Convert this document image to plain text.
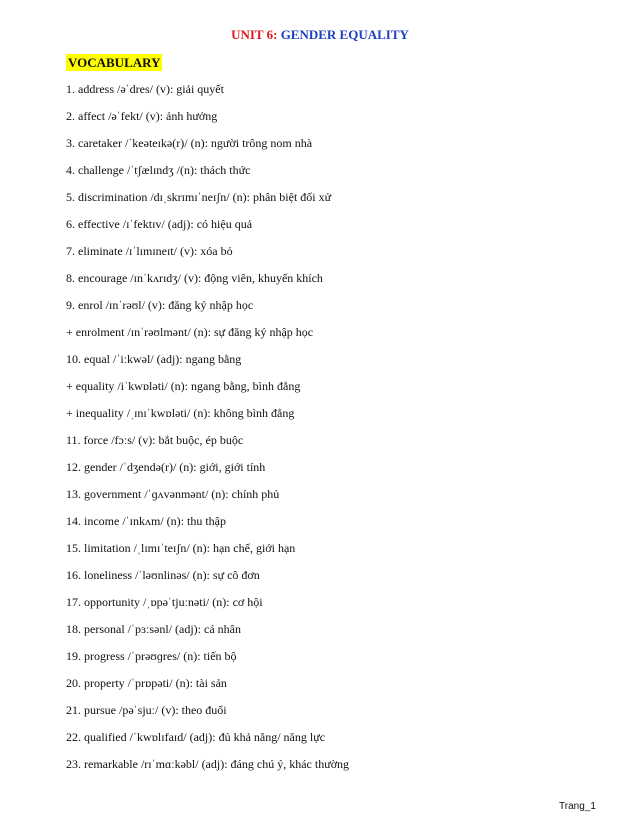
UNIT 6: GENDER EQUALITY
VOCABULARY
1. address /əˈdres/ (v): giải quyết
2. affect /əˈfekt/ (v): ảnh hưởng
3. caretaker /ˈkeəteɪkə(r)/ (n): người trông nom nhà
4. challenge /ˈtʃælɪndʒ /(n): thách thức
5. discrimination /dɪˌskrɪmɪˈneɪʃn/ (n): phân biệt đối xử
6. effective /ɪˈfektɪv/ (adj): có hiệu quả
7. eliminate /ɪˈlɪmɪneɪt/ (v): xóa bỏ
8. encourage /ɪnˈkʌrɪdʒ/ (v): động viên, khuyến khích
9. enrol /ɪnˈrəʊl/ (v): đăng ký nhập học
+ enrolment /ɪnˈrəʊlmənt/ (n): sự đăng ký nhập học
10. equal /ˈiːkwəl/ (adj): ngang bằng
+ equality /iˈkwɒləti/ (n): ngang bằng, bình đẳng
+ inequality /ˌɪnɪˈkwɒləti/ (n): không bình đẳng
11. force /fɔːs/ (v): bắt buộc, ép buộc
12. gender /ˈdʒendə(r)/ (n): giới, giới tính
13. government /ˈɡʌvənmənt/ (n): chính phủ
14. income /ˈɪnkʌm/ (n): thu thập
15. limitation /ˌlɪmɪˈteɪʃn/ (n): hạn chế, giới hạn
16. loneliness /ˈləʊnlinəs/ (n): sự cô đơn
17. opportunity /ˌɒpəˈtjuːnəti/ (n): cơ hội
18. personal /ˈpɜːsənl/ (adj): cá nhân
19. progress /ˈprəʊɡres/ (n): tiến bộ
20. property /ˈprɒpəti/ (n): tài sản
21. pursue /pəˈsjuː/ (v): theo đuổi
22. qualified /ˈkwɒlɪfaɪd/ (adj): đủ khả năng/ năng lực
23. remarkable /rɪˈmɑːkəbl/ (adj): đáng chú ý, khác thường
Trang_1
